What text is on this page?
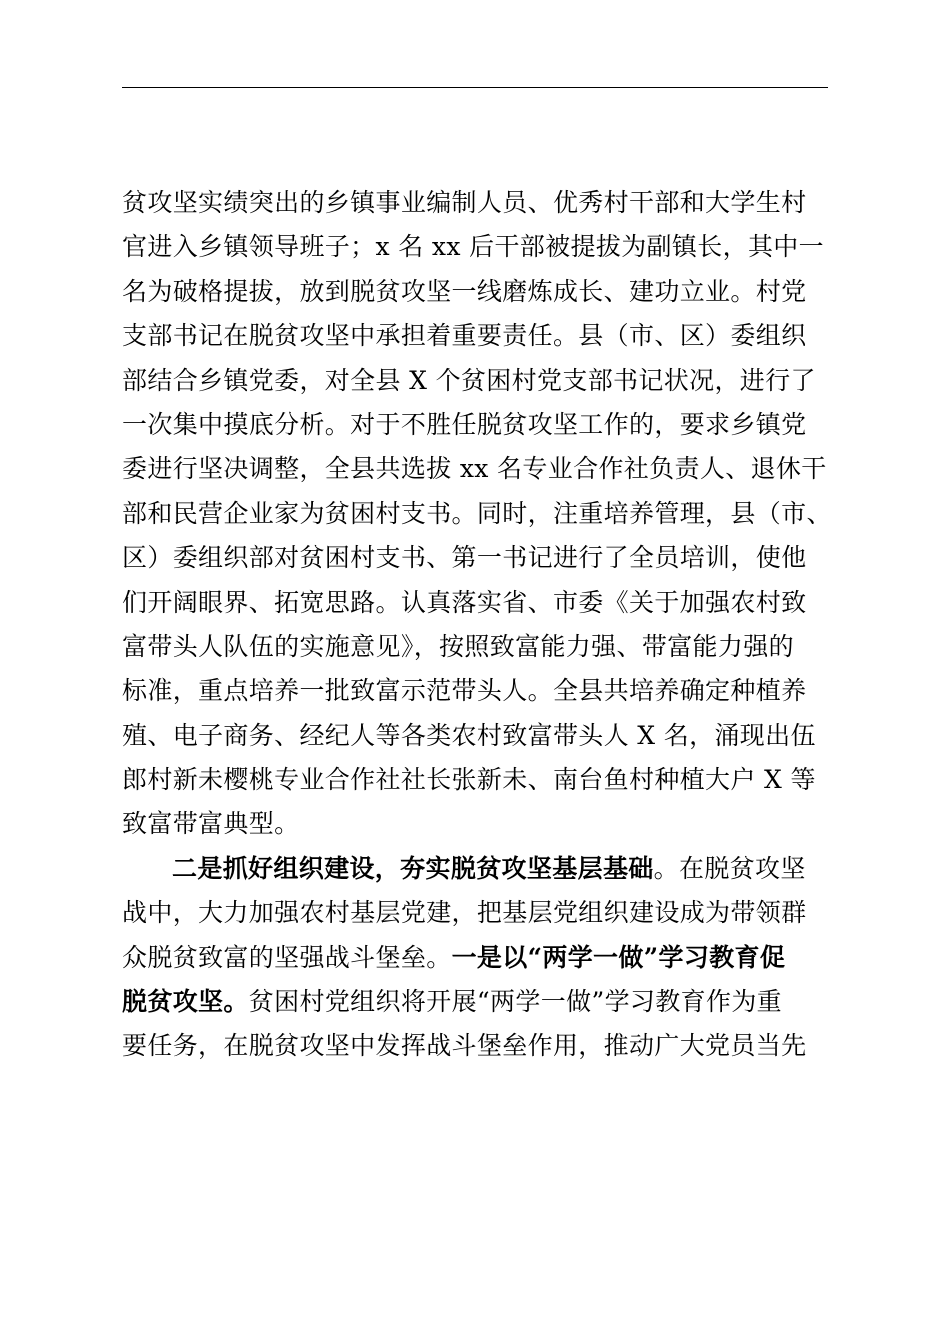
贫攻坚实绩突出的乡镇事业编制人员、优秀村干部和大学生村
官进入乡镇领导班子；x 名 xx 后干部被提拔为副镇长，其中一
名为破格提拔，放到脱贫攻坚一线磨炼成长、建功立业。村党
支部书记在脱贫攻坚中承担着重要责任。县（市、区）委组织
部结合乡镇党委，对全县 X 个贫困村党支部书记状况，进行了
一次集中摸底分析。对于不胜任脱贫攻坚工作的，要求乡镇党
委进行坚决调整，全县共选拔 xx 名专业合作社负责人、退休干
部和民营企业家为贫困村支书。同时，注重培养管理，县（市、
区）委组织部对贫困村支书、第一书记进行了全员培训，使他
们开阔眼界、拓宽思路。认真落实省、市委《关于加强农村致
富带头人队伍的实施意见》，按照致富能力强、带富能力强的
标准，重点培养一批致富示范带头人。全县共培养确定种植养
殖、电子商务、经纪人等各类农村致富带头人 X 名，涌现出伍
郎村新未樱桃专业合作社社长张新未、南台鱼村种植大户 X 等
致富带富典型。
二是抓好组织建设，夯实脱贫攻坚基层基础。在脱贫攻坚
战中，大力加强农村基层党建，把基层党组织建设成为带领群
众脱贫致富的坚强战斗堡垒。一是以“两学一做”学习教育促
脱贫攻坚。贫困村党组织将开展“两学一做”学习教育作为重
要任务，在脱贫攻坚中发挥战斗堡垒作用，推动广大党员当先
